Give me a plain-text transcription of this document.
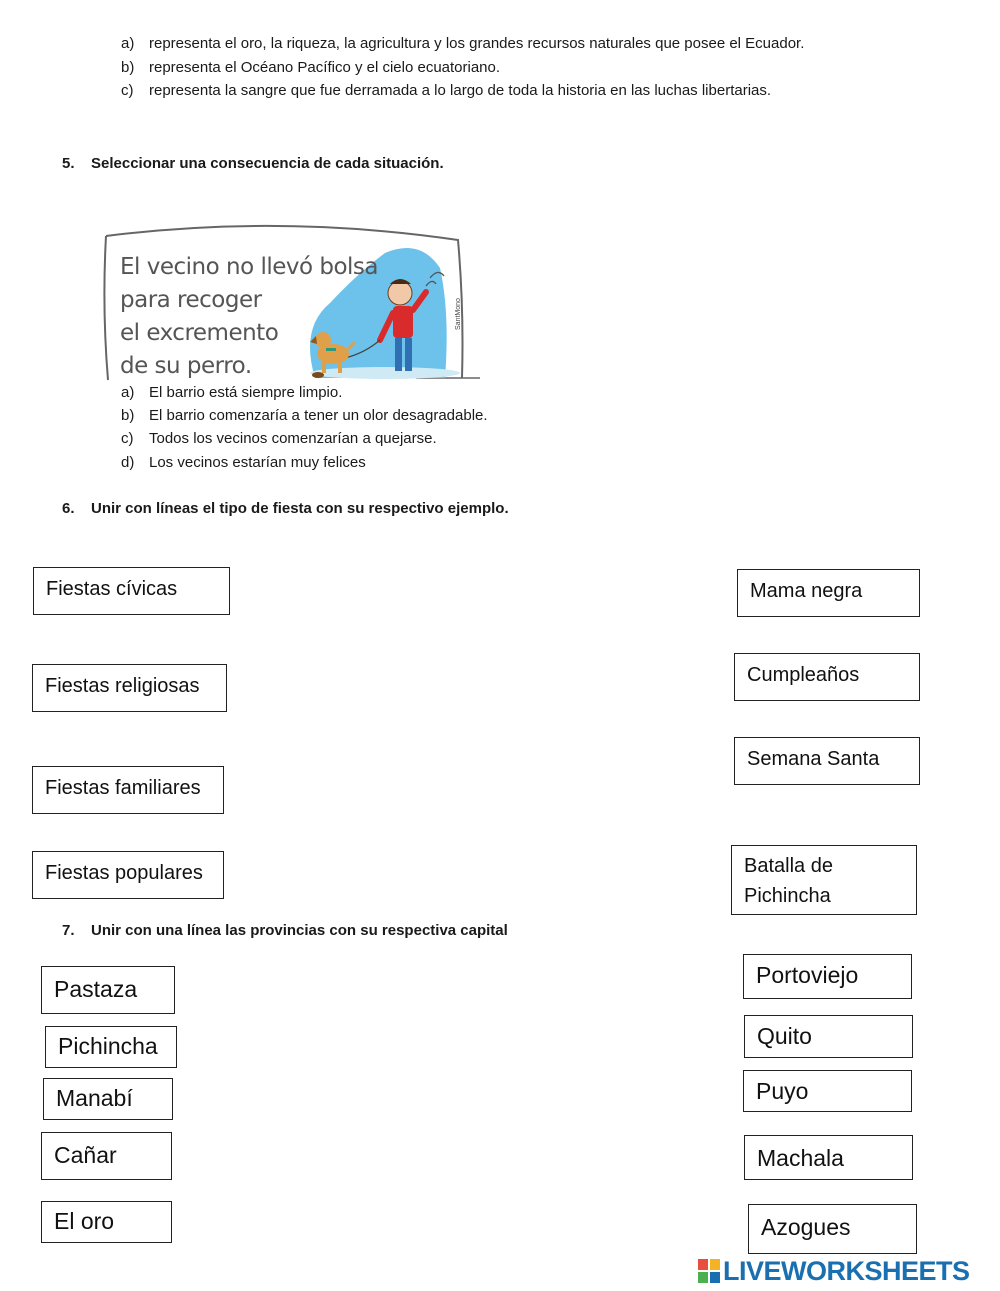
a) representa el oro, la riqueza, la agricultura y los grandes recursos naturales que posee el Ecuador.
b) representa el Océano Pacífico y el cielo ecuatoriano.
c) representa la sangre que fue derramada a lo largo de toda la historia en las luchas libertarias.
5. Seleccionar una consecuencia de cada situación.
El vecino no llevó bolsa
para recoger
el excremento
de su perro.
SantMono
a) El barrio está siempre limpio.
b) El barrio comenzaría a tener un olor desagradable.
c) Todos los vecinos comenzarían a quejarse.
d) Los vecinos estarían muy felices
6. Unir con líneas el tipo de fiesta con su respectivo ejemplo.
Fiestas cívicas
Fiestas religiosas
Fiestas familiares
Fiestas populares
Mama negra
Cumpleaños
Semana Santa
Batalla de Pichincha
7. Unir con una línea las provincias con su respectiva capital
Pastaza
Pichincha
Manabí
Cañar
El oro
Portoviejo
Quito
Puyo
Machala
Azogues
LIVEWORKSHEETS
